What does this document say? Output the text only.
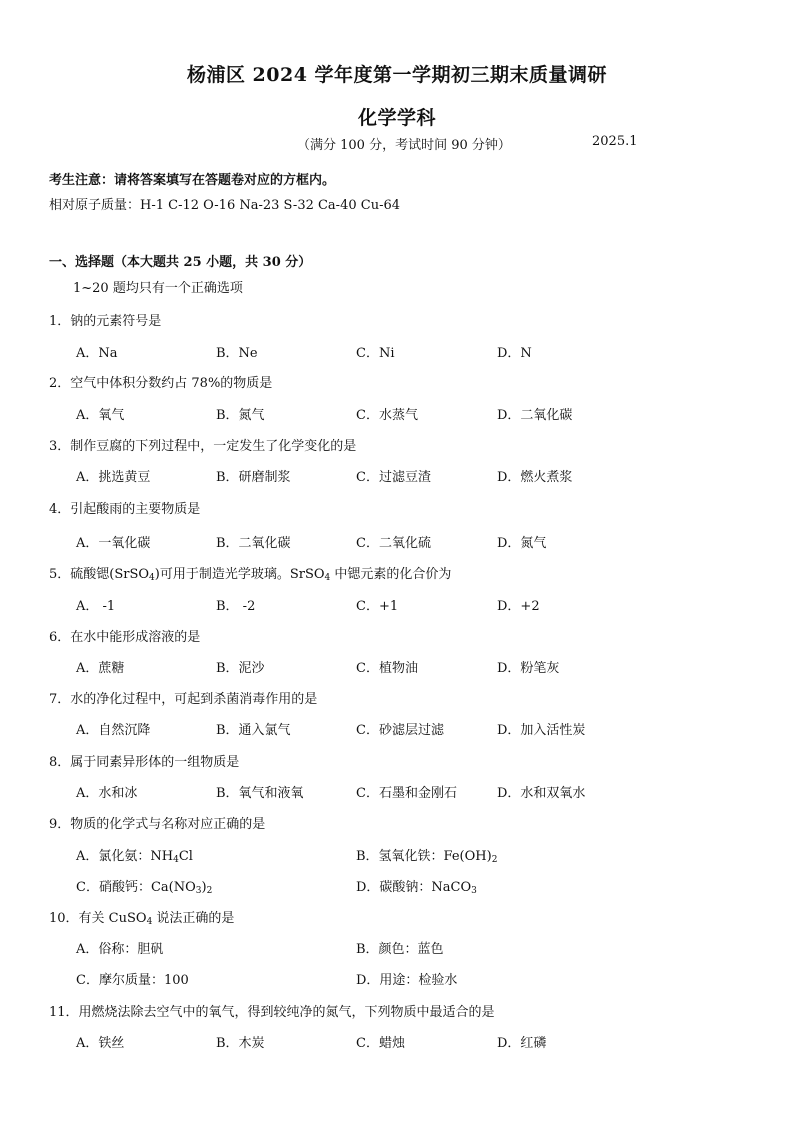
杨浦区 2024 学年度第一学期初三期末质量调研
化学学科
（满分 100 分，考试时间 90 分钟）	2025.1
考生注意：请将答案填写在答题卷对应的方框内。
相对原子质量：H-1 C-12 O-16 Na-23 S-32 Ca-40 Cu-64
一、选择题（本大题共 25 小题，共 30 分）
1~20 题均只有一个正确选项
1．钠的元素符号是
A．Na	B．Ne	C．Ni	D．N
2．空气中体积分数约占 78%的物质是
A．氧气	B．氮气	C．水蒸气	D．二氧化碳
3．制作豆腐的下列过程中，一定发生了化学变化的是
A．挑选黄豆	B．研磨制浆	C．过滤豆渣	D．燃火煮浆
4．引起酸雨的主要物质是
A．一氧化碳	B．二氧化碳	C．二氧化硫	D．氮气
5．硫酸锶(SrSO$_4$)可用于制造光学玻璃。SrSO$_4$ 中锶元素的化合价为
A． -1	B． -2	C．+1	D．+2
6．在水中能形成溶液的是
A．蔗糖	B．泥沙	C．植物油	D．粉笔灰
7．水的净化过程中，可起到杀菌消毒作用的是
A．自然沉降	B．通入氯气	C．砂滤层过滤	D．加入活性炭
8．属于同素异形体的一组物质是
A．水和冰	B．氧气和液氧	C．石墨和金刚石	D．水和双氧水
9．物质的化学式与名称对应正确的是
A．氯化氨：$NH_4Cl$	B．氢氧化铁：$Fe(OH)_2$
C．硝酸钙：$Ca(NO_3)_2$	D．碳酸钠：NaCO$_3$
10．有关 CuSO$_4$ 说法正确的是
A．俗称：胆矾	B．颜色：蓝色
C．摩尔质量：100	D．用途：检验水
11．用燃烧法除去空气中的氧气，得到较纯净的氮气，下列物质中最适合的是
A．铁丝	B．木炭	C．蜡烛	D．红磷
